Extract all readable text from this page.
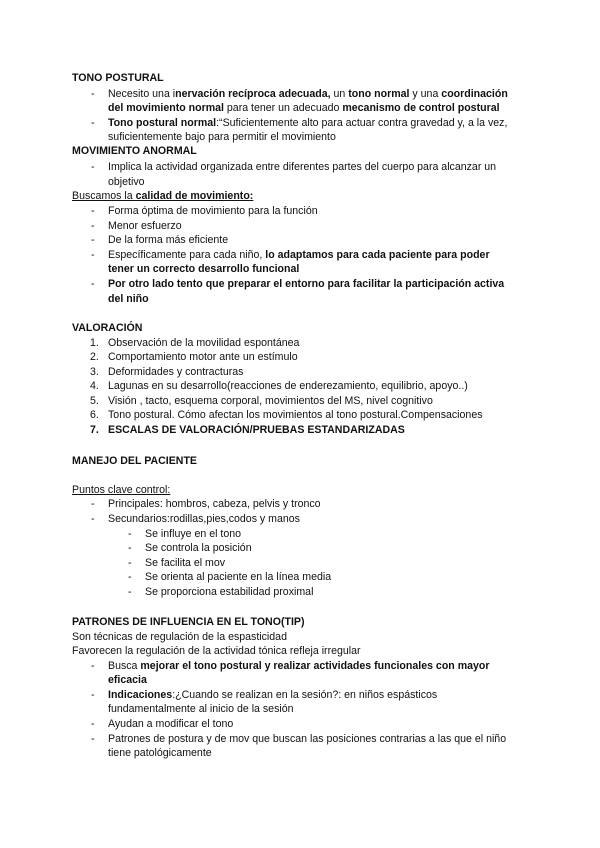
TONO POSTURAL
- Necesito una inervación recíproca adecuada, un tono normal y una coordinación
del movimiento normal para tener un adecuado mecanismo de control postural
- Tono postural normal:“Suficientemente alto para actuar contra gravedad y, a la vez,
suficientemente bajo para permitir el movimiento
MOVIMIENTO ANORMAL
- Implica la actividad organizada entre diferentes partes del cuerpo para alcanzar un
objetivo
Buscamos la calidad de movimiento:
- Forma óptima de movimiento para la función
- Menor esfuerzo
- De la forma más eficiente
- Específicamente para cada niño, lo adaptamos para cada paciente para poder
tener un correcto desarrollo funcional
- Por otro lado tento que preparar el entorno para facilitar la participación activa
del niño
VALORACIÓN
1. Observación de la movilidad espontánea
2. Comportamiento motor ante un estímulo
3. Deformidades y contracturas
4. Lagunas en su desarrollo(reacciones de enderezamiento, equilibrio, apoyo..)
5. Visión , tacto, esquema corporal, movimientos del MS, nivel cognitivo
6. Tono postural. Cómo afectan los movimientos al tono postural.Compensaciones
7. ESCALAS DE VALORACIÓN/PRUEBAS ESTANDARIZADAS
MANEJO DEL PACIENTE
Puntos clave control:
- Principales: hombros, cabeza, pelvis y tronco
- Secundarios:rodillas,pies,codos y manos
- Se influye en el tono
- Se controla la posición
- Se facilita el mov
- Se orienta al paciente en la línea media
- Se proporciona estabilidad proximal
PATRONES DE INFLUENCIA EN EL TONO(TIP)
Son técnicas de regulación de la espasticidad
Favorecen la regulación de la actividad tónica refleja irregular
- Busca mejorar el tono postural y realizar actividades funcionales con mayor
eficacia
- Indicaciones:¿Cuando se realizan en la sesión?: en niños espásticos
fundamentalmente al inicio de la sesión
- Ayudan a modificar el tono
- Patrones de postura y de mov que buscan las posiciones contrarias a las que el niño
tiene patológicamente
